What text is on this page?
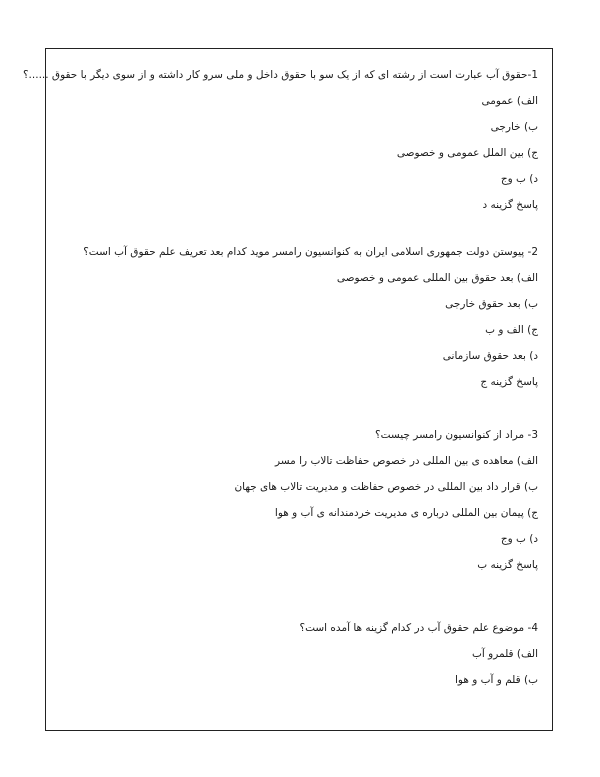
1-حقوق آب عبارت است از رشته ای که از یک سو با حقوق داخل و ملی سرو کار داشته و از سوی دیگر با حقوق ......؟
الف) عمومی
ب) خارجی
ج) بین الملل عمومی و خصوصی
د) ب وج
پاسخ گزینه د
2- پیوستن دولت جمهوری اسلامی ایران به کنوانسیون رامسر موید کدام بعد تعریف علم حقوق آب است؟
الف) بعد حقوق بین المللی عمومی و خصوصی
ب) بعد حقوق خارجی
ج) الف و ب
د) بعد حقوق سازمانی
پاسخ گزینه ج
3- مراد از کنوانسیون رامسر چیست؟
الف) معاهده ی بین المللی در خصوص حفاظت تالاب را مسر
ب) قرار داد بین المللی در خصوص حفاظت و مدیریت تالاب های جهان
ج) پیمان بین المللی درباره ی مدیریت خردمندانه ی آب و هوا
د) ب وج
پاسخ گزینه ب
4- موضوع علم حقوق آب در کدام گزینه ها آمده است؟
الف) قلمرو آب
ب) قلم و آب و هوا
